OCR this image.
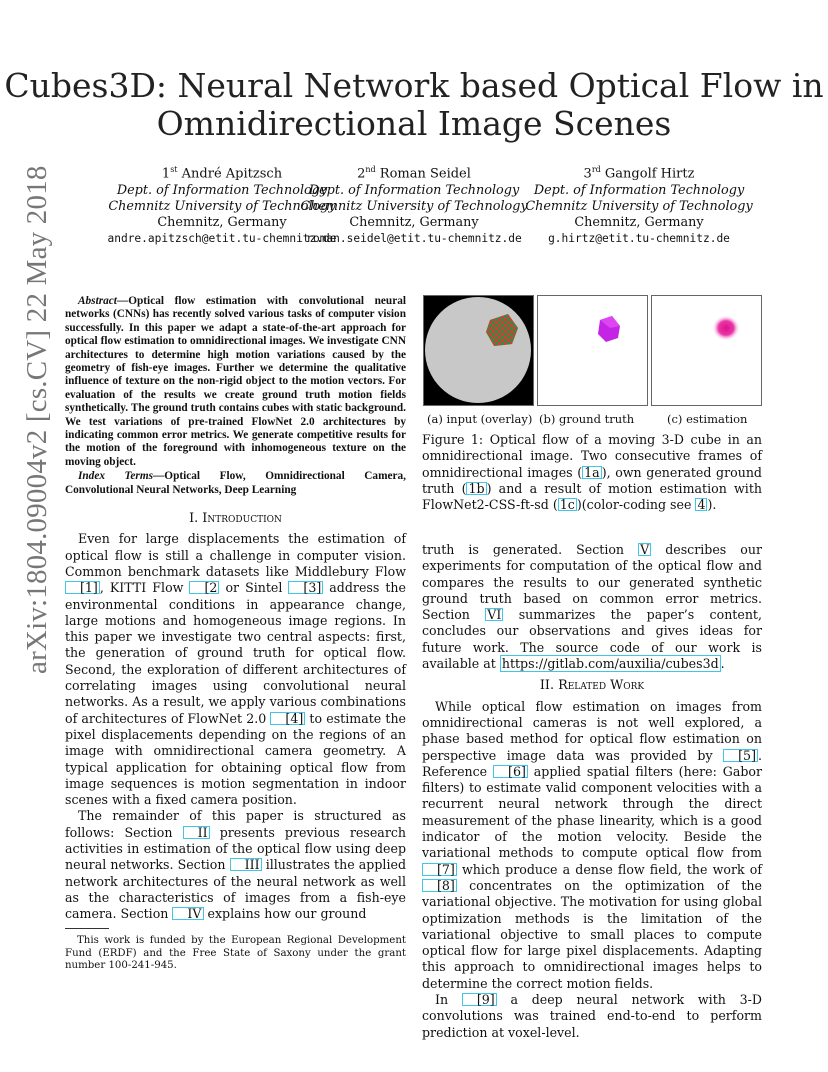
Cubes3D: Neural Network based Optical Flow in
Omnidirectional Image Scenes
1st André Apitzsch
Dept. of Information Technology
Chemnitz University of Technology
Chemnitz, Germany
andre.apitzsch@etit.tu-chemnitz.de
2nd Roman Seidel
Dept. of Information Technology
Chemnitz University of Technology
Chemnitz, Germany
roman.seidel@etit.tu-chemnitz.de
3rd Gangolf Hirtz
Dept. of Information Technology
Chemnitz University of Technology
Chemnitz, Germany
g.hirtz@etit.tu-chemnitz.de
arXiv:1804.09004v2 [cs.CV] 22 May 2018	Abstract—Optical flow estimation with convolutional neural networks (CNNs) has recently solved various tasks of computer vision successfully. In this paper we adapt a state-of-the-art approach for optical flow estimation to omnidirectional images. We investigate CNN architectures to determine high motion variations caused by the geometry of fish-eye images. Further we determine the qualitative influence of texture on the non-rigid object to the motion vectors. For evaluation of the results we create ground truth motion fields synthetically. The ground truth contains cubes with static background. We test variations of pre-trained FlowNet 2.0 architectures by indicating common error metrics. We generate competitive results for the motion of the foreground with inhomogeneous texture on the moving object.

Index Terms—Optical Flow, Omnidirectional Camera, Convolutional Neural Networks, Deep Learning

I. Introduction

Even for large displacements the estimation of optical flow is still a challenge in computer vision. Common benchmark datasets like Middlebury Flow [1] , KITTI Flow [2 or Sintel [3] address the environmental conditions in appearance change, large motions and homogeneous image regions. In this paper we investigate two central aspects: first, the generation of ground truth for optical flow. Second, the exploration of different architectures of correlating images using convolutional neural networks. As a result, we apply various combinations of architectures of FlowNet 2.0 [4] to estimate the pixel displacements depending on the regions of an image with omnidirectional camera geometry. A typical application for obtaining optical flow from image sequences is motion segmentation in indoor scenes with a fixed camera position.

The remainder of this paper is structured as follows: Section II presents previous research activities in estimation of the optical flow using deep neural networks. Section III illustrates the applied network architectures of the neural network as well as the characteristics of images from a fish-eye camera. Section IV explains how our ground

This work is funded by the European Regional Development Fund (ERDF) and the Free State of Saxony under the grant number 100-241-945.

(a) input (overlay) (b) ground truth	(c) estimation
Figure 1: Optical flow of a moving 3-D cube in an omnidirectional image. Two consecutive frames of omnidirectional images ( 1a ), own generated ground truth ( 1b ) and a result of motion estimation with FlowNet2-CSS-ft-sd ( 1c )(color-coding see 4 ).

truth is generated. Section V describes our experiments for computation of the optical flow and compares the results to our generated synthetic ground truth based on common error metrics. Section VI summarizes the paper’s content, concludes our observations and gives ideas for future work. The source code of our work is available at https://gitlab.com/auxilia/cubes3d .

II. Related Work

While optical flow estimation on images from omnidirectional cameras is not well explored, a phase based method for optical flow estimation on perspective image data was provided by [5] . Reference [6] applied spatial filters (here: Gabor filters) to estimate valid component velocities with a recurrent neural network through the direct measurement of the phase linearity, which is a good indicator of the motion velocity. Beside the variational methods to compute optical flow from [7] which produce a dense flow field, the work of [8] concentrates on the optimization of the variational objective. The motivation for using global optimization methods is the limitation of the variational objective to small places to compute optical flow for large pixel displacements. Adapting this approach to omnidirectional images helps to determine the correct motion fields.

In [9] a deep neural network with 3-D convolutions was trained end-to-end to perform prediction at voxel-level.
